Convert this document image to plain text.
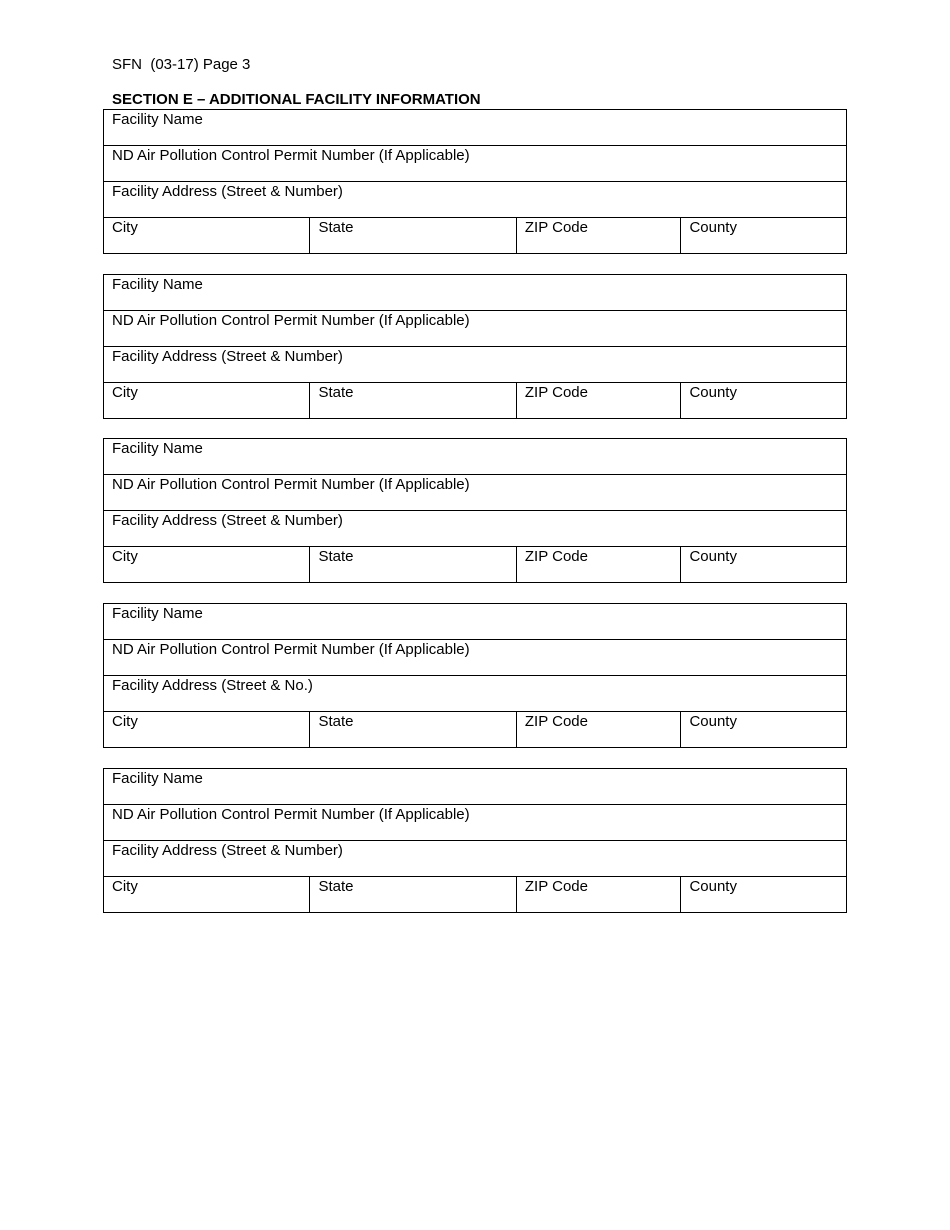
SFN  (03-17) Page 3
SECTION E – ADDITIONAL FACILITY INFORMATION
Facility Name
ND Air Pollution Control Permit Number (If Applicable)
Facility Address (Street & Number)
City	State	ZIP Code	County
Facility Name
ND Air Pollution Control Permit Number (If Applicable)
Facility Address (Street & Number)
City	State	ZIP Code	County
Facility Name
ND Air Pollution Control Permit Number (If Applicable)
Facility Address (Street & Number)
City	State	ZIP Code	County
Facility Name
ND Air Pollution Control Permit Number (If Applicable)
Facility Address (Street & No.)
City	State	ZIP Code	County
Facility Name
ND Air Pollution Control Permit Number (If Applicable)
Facility Address (Street & Number)
City	State	ZIP Code	County
